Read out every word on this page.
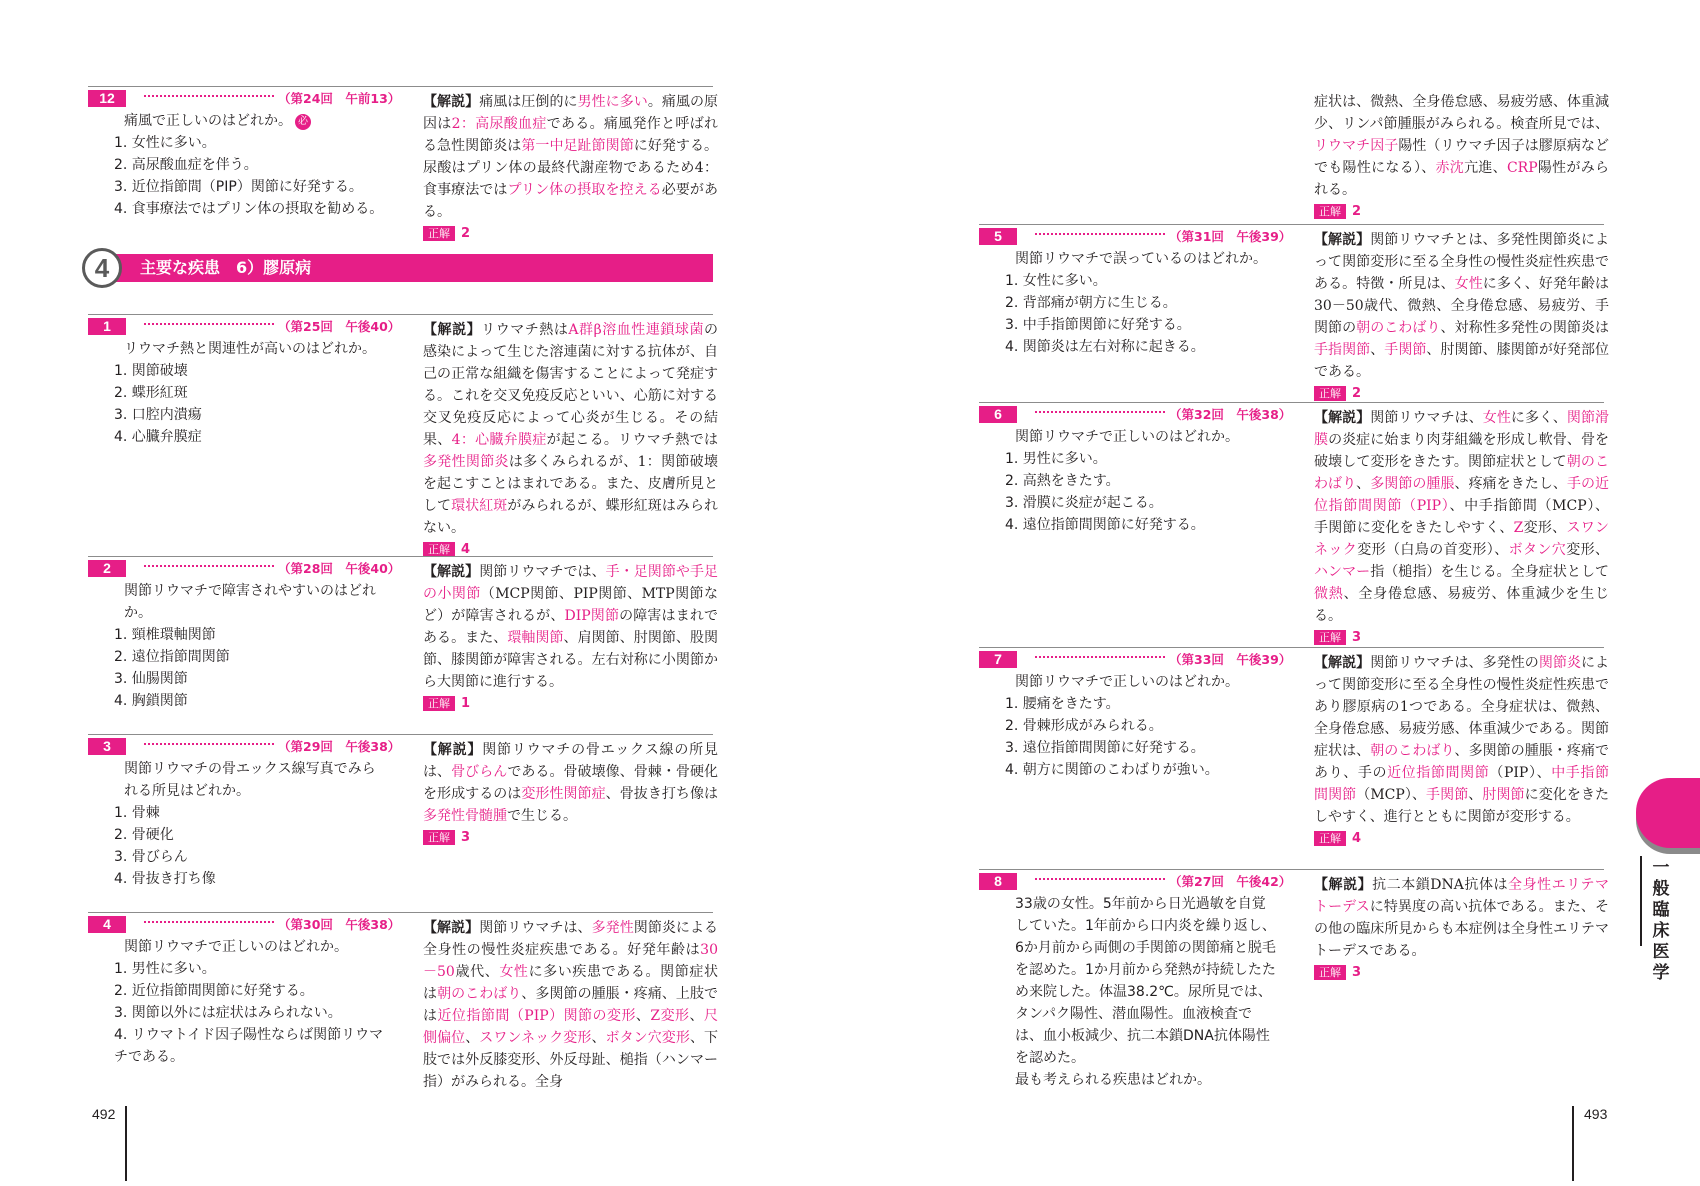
12	（第24回　午前13）
痛風で正しいのはどれか。 必
1. 女性に多い。
2. 高尿酸血症を伴う。
3. 近位指節間（PIP）関節に好発する。
4. 食事療法ではプリン体の摂取を勧める。
【解説】痛風は圧倒的に男性に多い。痛風の原因は2：高尿酸血症である。痛風発作と呼ばれる急性関節炎は第一中足趾節関節に好発する。尿酸はプリン体の最終代謝産物であるため4：食事療法ではプリン体の摂取を控える必要がある。
正解 2
4	主要な疾患　6）膠原病
1	（第25回　午後40）
リウマチ熱と関連性が高いのはどれか。
1. 関節破壊
2. 蝶形紅斑
3. 口腔内潰瘍
4. 心臓弁膜症
【解説】リウマチ熱はA群β溶血性連鎖球菌の感染によって生じた溶連菌に対する抗体が、自己の正常な組織を傷害することによって発症する。これを交叉免疫反応といい、心筋に対する交叉免疫反応によって心炎が生じる。その結果、4：心臓弁膜症が起こる。リウマチ熱では多発性関節炎は多くみられるが、1：関節破壊を起こすことはまれである。また、皮膚所見として環状紅斑がみられるが、蝶形紅斑はみられない。
正解 4
2	（第28回　午後40）
関節リウマチで障害されやすいのはどれか。
1. 頸椎環軸関節
2. 遠位指節間関節
3. 仙腸関節
4. 胸鎖関節
【解説】関節リウマチでは、手・足関節や手足の小関節（MCP関節、PIP関節、MTP関節など）が障害されるが、DIP関節の障害はまれである。また、環軸関節、肩関節、肘関節、股関節、膝関節が障害される。左右対称に小関節から大関節に進行する。
正解 1
3	（第29回　午後38）
関節リウマチの骨エックス線写真でみられる所見はどれか。
1. 骨棘
2. 骨硬化
3. 骨びらん
4. 骨抜き打ち像
【解説】関節リウマチの骨エックス線の所見は、骨びらんである。骨破壊像、骨棘・骨硬化を形成するのは変形性関節症、骨抜き打ち像は多発性骨髄腫で生じる。
正解 3
4	（第30回　午後38）
関節リウマチで正しいのはどれか。
1. 男性に多い。
2. 近位指節間関節に好発する。
3. 関節以外には症状はみられない。
4. リウマトイド因子陽性ならば関節リウマチである。
【解説】関節リウマチは、多発性関節炎による全身性の慢性炎症疾患である。好発年齢は30－50歳代、女性に多い疾患である。関節症状は朝のこわばり、多関節の腫脹・疼痛、上肢では近位指節間（PIP）関節の変形、Z変形、尺側偏位、スワンネック変形、ボタン穴変形、下肢では外反膝変形、外反母趾、槌指（ハンマー指）がみられる。全身
492
症状は、微熱、全身倦怠感、易疲労感、体重減少、リンパ節腫脹がみられる。検査所見では、リウマチ因子陽性（リウマチ因子は膠原病などでも陽性になる）、赤沈亢進、CRP陽性がみられる。
正解 2
5	（第31回　午後39）
関節リウマチで誤っているのはどれか。
1. 女性に多い。
2. 背部痛が朝方に生じる。
3. 中手指節関節に好発する。
4. 関節炎は左右対称に起きる。
【解説】関節リウマチとは、多発性関節炎によって関節変形に至る全身性の慢性炎症性疾患である。特徴・所見は、女性に多く、好発年齢は30－50歳代、微熱、全身倦怠感、易疲労、手関節の朝のこわばり、対称性多発性の関節炎は手指関節、手関節、肘関節、膝関節が好発部位である。
正解 2
6	（第32回　午後38）
関節リウマチで正しいのはどれか。
1. 男性に多い。
2. 高熱をきたす。
3. 滑膜に炎症が起こる。
4. 遠位指節間関節に好発する。
【解説】関節リウマチは、女性に多く、関節滑膜の炎症に始まり肉芽組織を形成し軟骨、骨を破壊して変形をきたす。関節症状として朝のこわばり、多関節の腫脹、疼痛をきたし、手の近位指節間関節（PIP）、中手指節間（MCP）、手関節に変化をきたしやすく、Z変形、スワンネック変形（白鳥の首変形）、ボタン穴変形、ハンマー指（槌指）を生じる。全身症状として微熱、全身倦怠感、易疲労、体重減少を生じる。
正解 3
7	（第33回　午後39）
関節リウマチで正しいのはどれか。
1. 腰痛をきたす。
2. 骨棘形成がみられる。
3. 遠位指節間関節に好発する。
4. 朝方に関節のこわばりが強い。
【解説】関節リウマチは、多発性の関節炎によって関節変形に至る全身性の慢性炎症性疾患であり膠原病の1つである。全身症状は、微熱、全身倦怠感、易疲労感、体重減少である。関節症状は、朝のこわばり、多関節の腫脹・疼痛であり、手の近位指節間関節（PIP）、中手指節間関節（MCP）、手関節、肘関節に変化をきたしやすく、進行とともに関節が変形する。
正解 4
8	（第27回　午後42）
33歳の女性。5年前から日光過敏を自覚していた。1年前から口内炎を繰り返し、6か月前から両側の手関節の関節痛と脱毛を認めた。1か月前から発熱が持続したため来院した。体温38.2℃。尿所見では、タンパク陽性、潜血陽性。血液検査では、血小板減少、抗二本鎖DNA抗体陽性を認めた。
最も考えられる疾患はどれか。
【解説】抗二本鎖DNA抗体は全身性エリテマトーデスに特異度の高い抗体である。また、その他の臨床所見からも本症例は全身性エリテマトーデスである。
正解 3
493
一般臨床医学
